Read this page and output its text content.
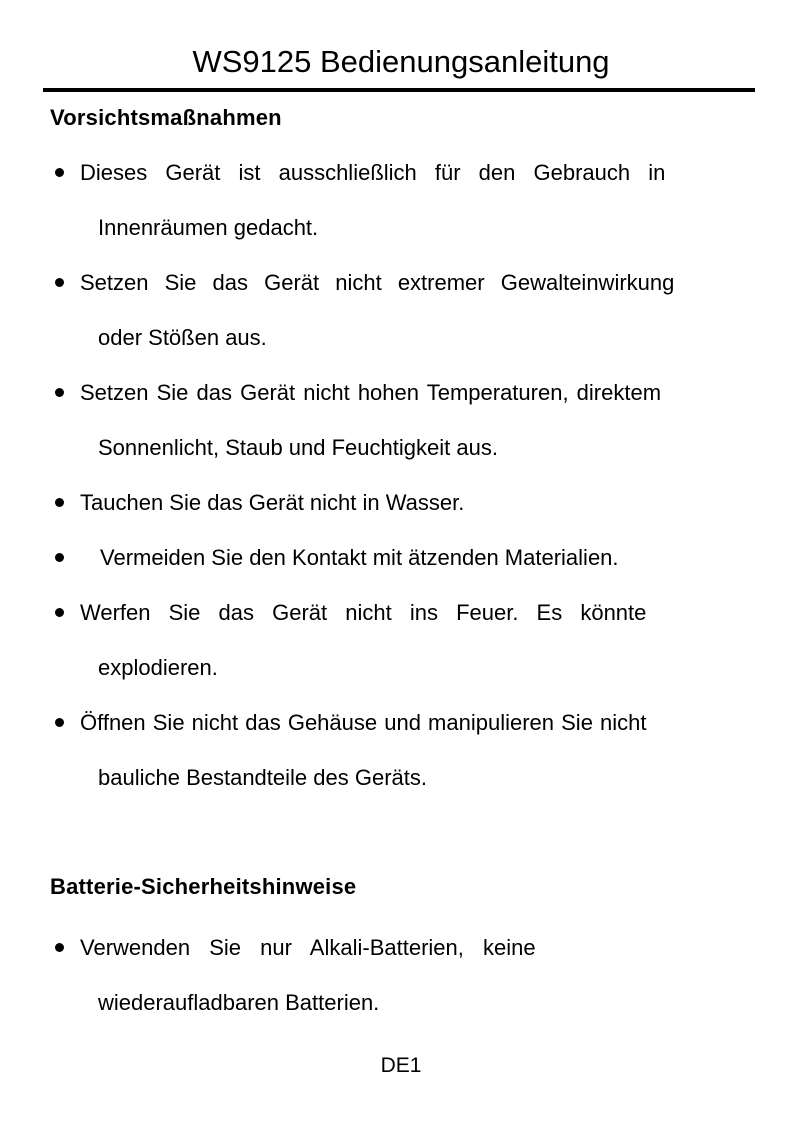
WS9125 Bedienungsanleitung
Vorsichtsmaßnahmen
Dieses Gerät ist ausschließlich für den Gebrauch in
Innenräumen gedacht.
Setzen Sie das Gerät nicht extremer Gewalteinwirkung
oder Stößen aus.
Setzen Sie das Gerät nicht hohen Temperaturen, direktem
Sonnenlicht, Staub und Feuchtigkeit aus.
Tauchen Sie das Gerät nicht in Wasser.
Vermeiden Sie den Kontakt mit ätzenden Materialien.
Werfen Sie das Gerät nicht ins Feuer. Es könnte
explodieren.
Öffnen Sie nicht das Gehäuse und manipulieren Sie nicht
bauliche Bestandteile des Geräts.
Batterie-Sicherheitshinweise
Verwenden Sie nur Alkali-Batterien, keine
wiederaufladbaren Batterien.
DE1
